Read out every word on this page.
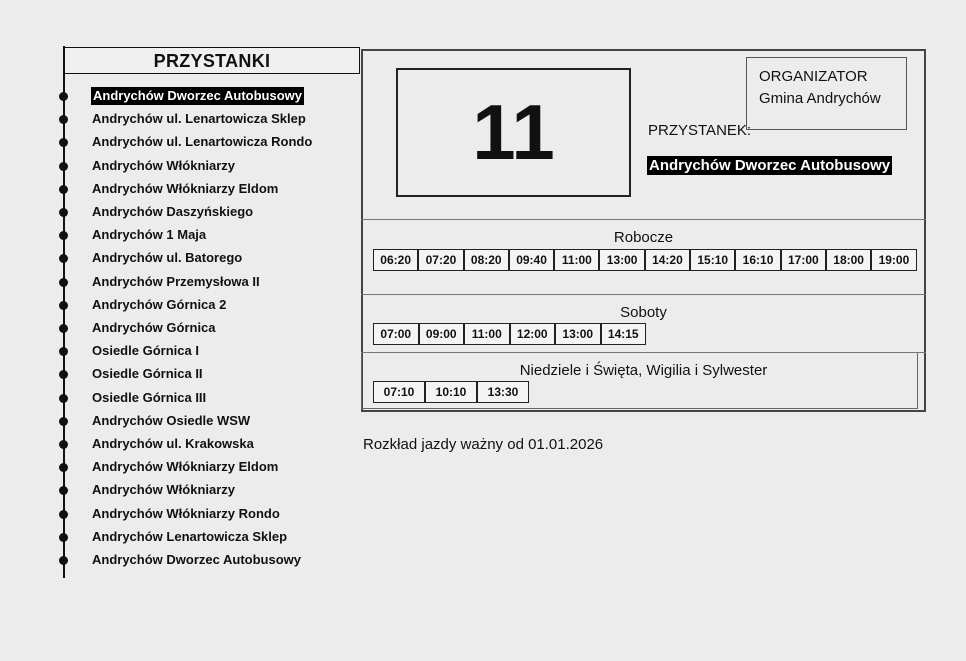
PRZYSTANKI
Andrychów Dworzec Autobusowy
Andrychów ul. Lenartowicza Sklep
Andrychów ul. Lenartowicza Rondo
Andrychów Włókniarzy
Andrychów Włókniarzy Eldom
Andrychów Daszyńskiego
Andrychów 1 Maja
Andrychów ul. Batorego
Andrychów Przemysłowa II
Andrychów Górnica 2
Andrychów Górnica
Osiedle Górnica I
Osiedle Górnica II
Osiedle Górnica III
Andrychów Osiedle WSW
Andrychów ul. Krakowska
Andrychów Włókniarzy Eldom
Andrychów Włókniarzy
Andrychów Włókniarzy Rondo
Andrychów Lenartowicza Sklep
Andrychów Dworzec Autobusowy
11
ORGANIZATOR
Gmina Andrychów
PRZYSTANEK:
Andrychów Dworzec Autobusowy
Robocze
06:20	07:20	08:20	09:40	11:00	13:00	14:20	15:10	16:10	17:00	18:00	19:00
Soboty
07:00	09:00	11:00	12:00	13:00	14:15
Niedziele i Święta, Wigilia i Sylwester
07:10	10:10	13:30
Rozkład jazdy ważny od 01.01.2026
